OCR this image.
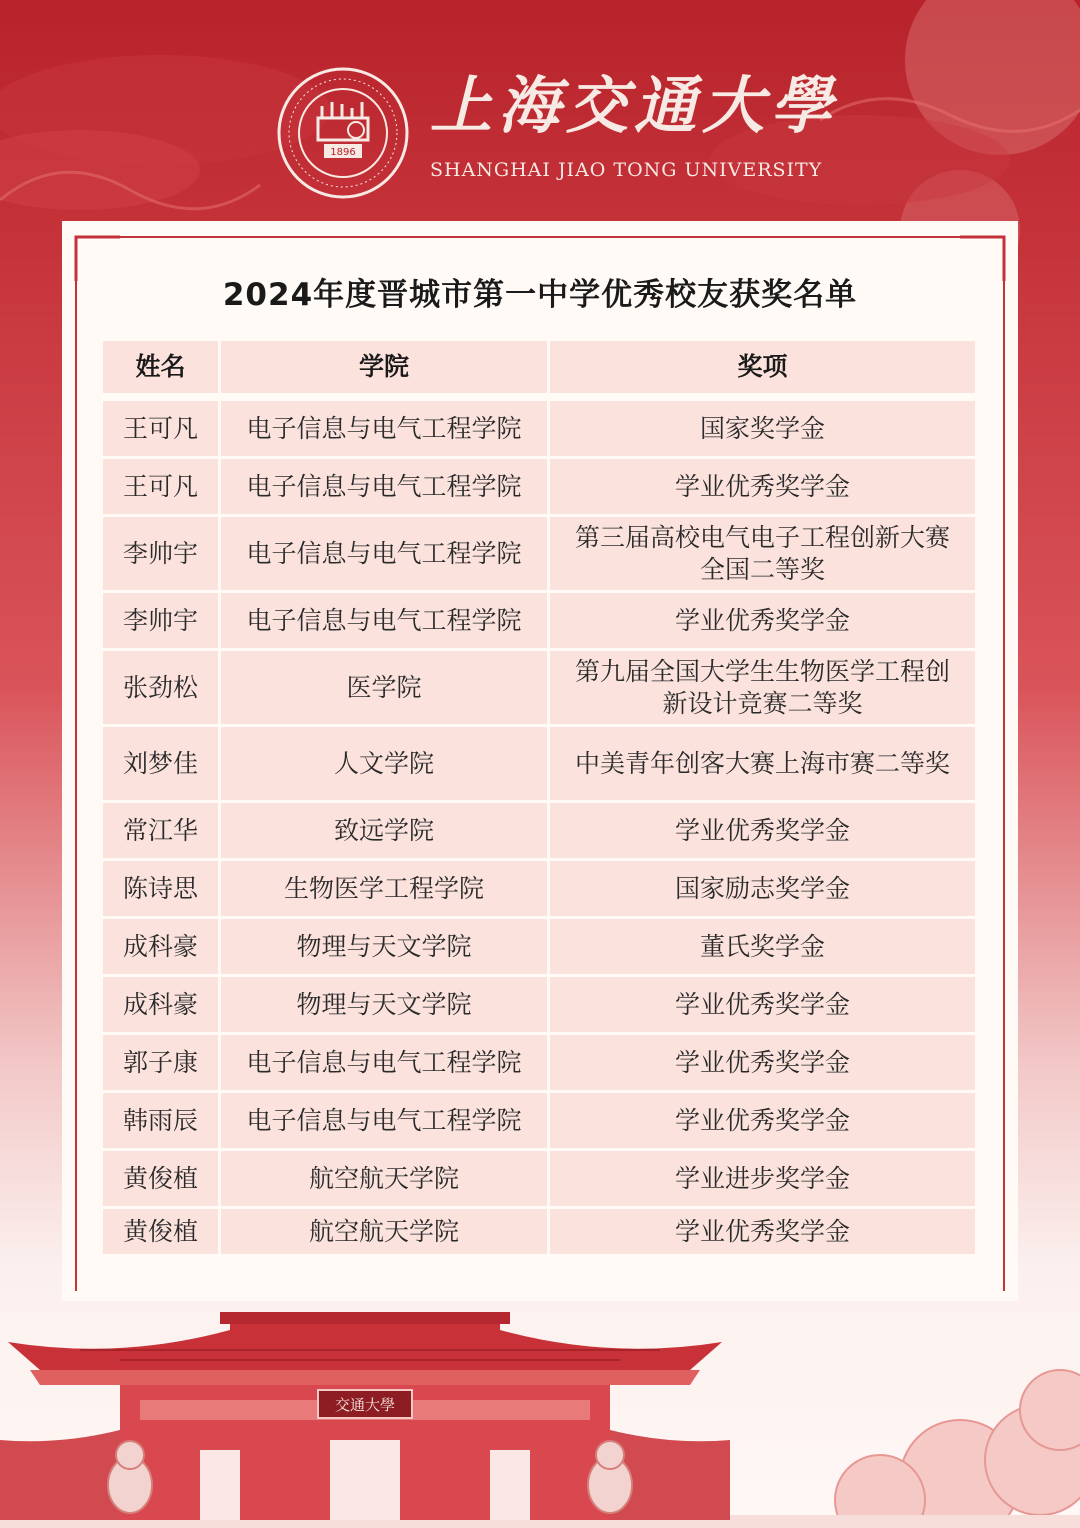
1896
上海交通大學
SHANGHAI JIAO TONG UNIVERSITY
2024年度晋城市第一中学优秀校友获奖名单
姓名	学院	奖项

王可凡	电子信息与电气工程学院	国家奖学金
王可凡	电子信息与电气工程学院	学业优秀奖学金
李帅宇	电子信息与电气工程学院	第三届高校电气电子工程创新大赛全国二等奖
李帅宇	电子信息与电气工程学院	学业优秀奖学金
张劲松	医学院	第九届全国大学生生物医学工程创新设计竞赛二等奖
刘梦佳	人文学院	中美青年创客大赛上海市赛二等奖
常江华	致远学院	学业优秀奖学金
陈诗思	生物医学工程学院	国家励志奖学金
成科豪	物理与天文学院	董氏奖学金
成科豪	物理与天文学院	学业优秀奖学金
郭子康	电子信息与电气工程学院	学业优秀奖学金
韩雨辰	电子信息与电气工程学院	学业优秀奖学金
黄俊植	航空航天学院	学业进步奖学金
黄俊植	航空航天学院	学业优秀奖学金
交通大學
